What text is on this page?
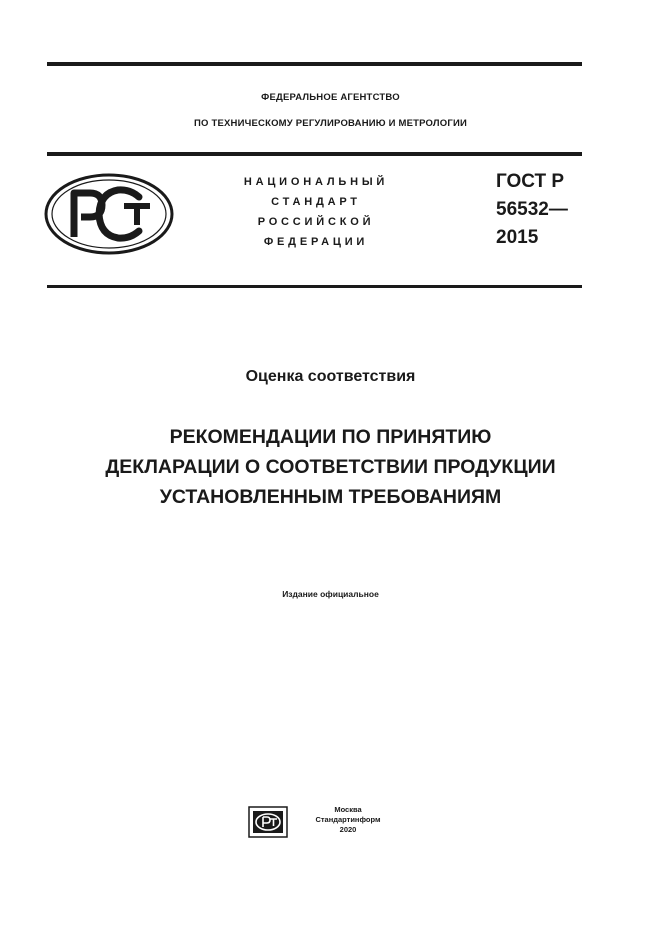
ФЕДЕРАЛЬНОЕ АГЕНТСТВО
ПО ТЕХНИЧЕСКОМУ РЕГУЛИРОВАНИЮ И МЕТРОЛОГИИ
НАЦИОНАЛЬНЫЙ
СТАНДАРТ
РОССИЙСКОЙ
ФЕДЕРАЦИИ
ГОСТ Р
56532—
2015
Оценка соответствия
РЕКОМЕНДАЦИИ ПО ПРИНЯТИЮ
ДЕКЛАРАЦИИ О СООТВЕТСТВИИ ПРОДУКЦИИ
УСТАНОВЛЕННЫМ ТРЕБОВАНИЯМ
Издание официальное
Москва
Стандартинформ
2020
